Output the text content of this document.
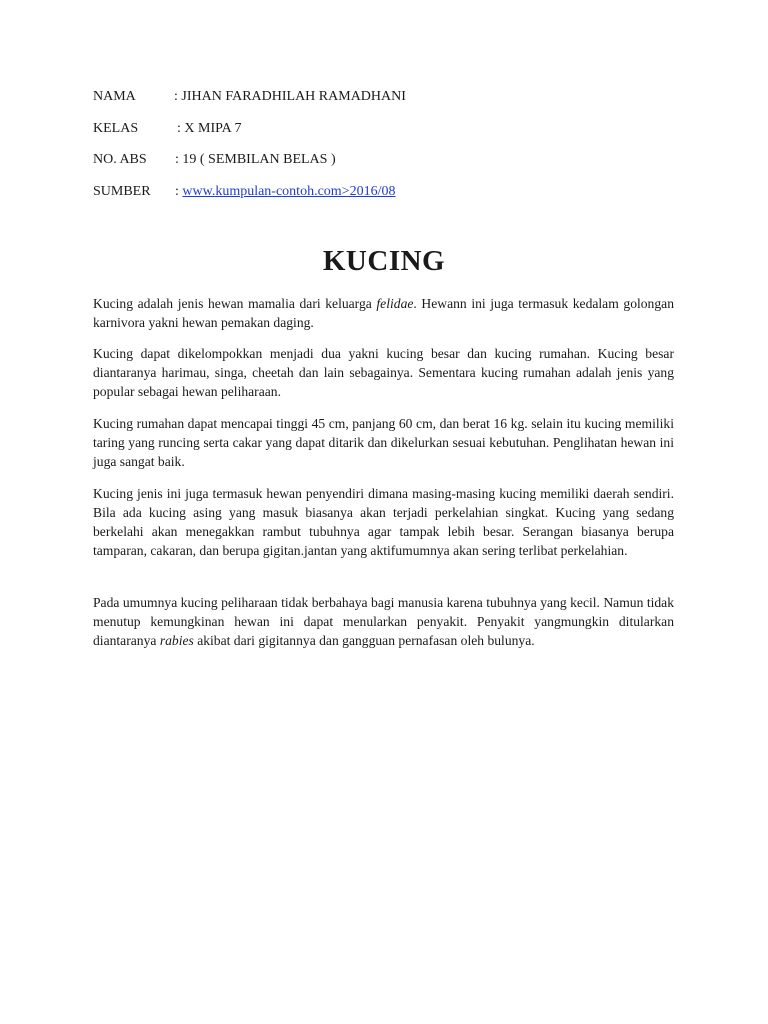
NAMA	: JIHAN FARADHILAH RAMADHANI
KELAS	: X MIPA 7
NO. ABS : 19 ( SEMBILAN BELAS )
SUMBER : www.kumpulan-contoh.com>2016/08
KUCING

Kucing adalah jenis hewan mamalia dari keluarga felidae. Hewann ini juga termasuk kedalam golongan karnivora yakni hewan pemakan daging.

Kucing dapat dikelompokkan menjadi dua yakni kucing besar dan kucing rumahan. Kucing besar diantaranya harimau, singa, cheetah dan lain sebagainya. Sementara kucing rumahan adalah jenis yang popular sebagai hewan peliharaan.

Kucing rumahan dapat mencapai tinggi 45 cm, panjang 60 cm, dan berat 16 kg. selain itu kucing memiliki taring yang runcing serta cakar yang dapat ditarik dan dikelurkan sesuai kebutuhan. Penglihatan hewan ini juga sangat baik.

Kucing jenis ini juga termasuk hewan penyendiri dimana masing-masing kucing memiliki daerah sendiri. Bila ada kucing asing yang masuk biasanya akan terjadi perkelahian singkat. Kucing yang sedang berkelahi akan menegakkan rambut tubuhnya agar tampak lebih besar. Serangan biasanya berupa tamparan, cakaran, dan berupa gigitan.jantan yang aktifumumnya akan sering terlibat perkelahian.

Pada umumnya kucing peliharaan tidak berbahaya bagi manusia karena tubuhnya yang kecil. Namun tidak menutup kemungkinan hewan ini dapat menularkan penyakit. Penyakit yangmungkin ditularkan diantaranya rabies akibat dari gigitannya dan gangguan pernafasan oleh bulunya.
